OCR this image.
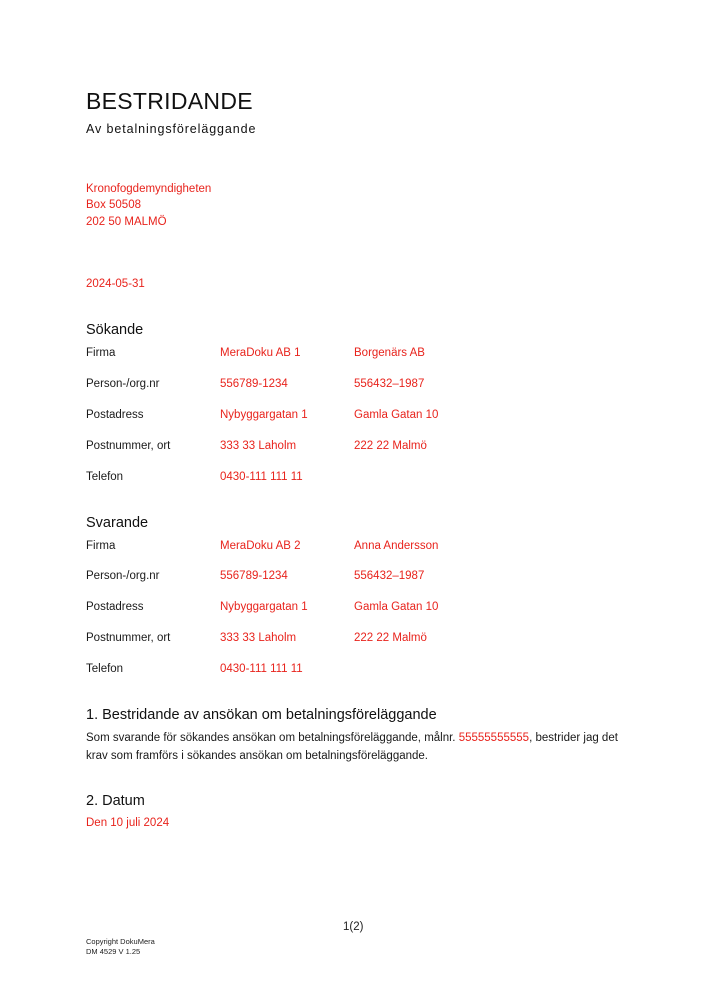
BESTRIDANDE
Av betalningsföreläggande
Kronofogdemyndigheten
Box 50508
202 50 MALMÖ
2024-05-31
Sökande
Firma	MeraDoku AB 1	Borgenärs AB
Person-/org.nr	556789-1234	556432–1987
Postadress	Nybyggargatan 1	Gamla Gatan 10
Postnummer, ort	333 33 Laholm	222 22 Malmö
Telefon	0430-111 111 11
Svarande
Firma	MeraDoku AB 2	Anna Andersson
Person-/org.nr	556789-1234	556432–1987
Postadress	Nybyggargatan 1	Gamla Gatan 10
Postnummer, ort	333 33 Laholm	222 22 Malmö
Telefon	0430-111 111 11
1. Bestridande av ansökan om betalningsföreläggande
Som svarande för sökandes ansökan om betalningsföreläggande, målnr. 55555555555, bestrider jag det krav som framförs i sökandes ansökan om betalningsföreläggande.
2. Datum
Den 10 juli 2024
1(2)
Copyright DokuMera
DM 4529 V 1.25
